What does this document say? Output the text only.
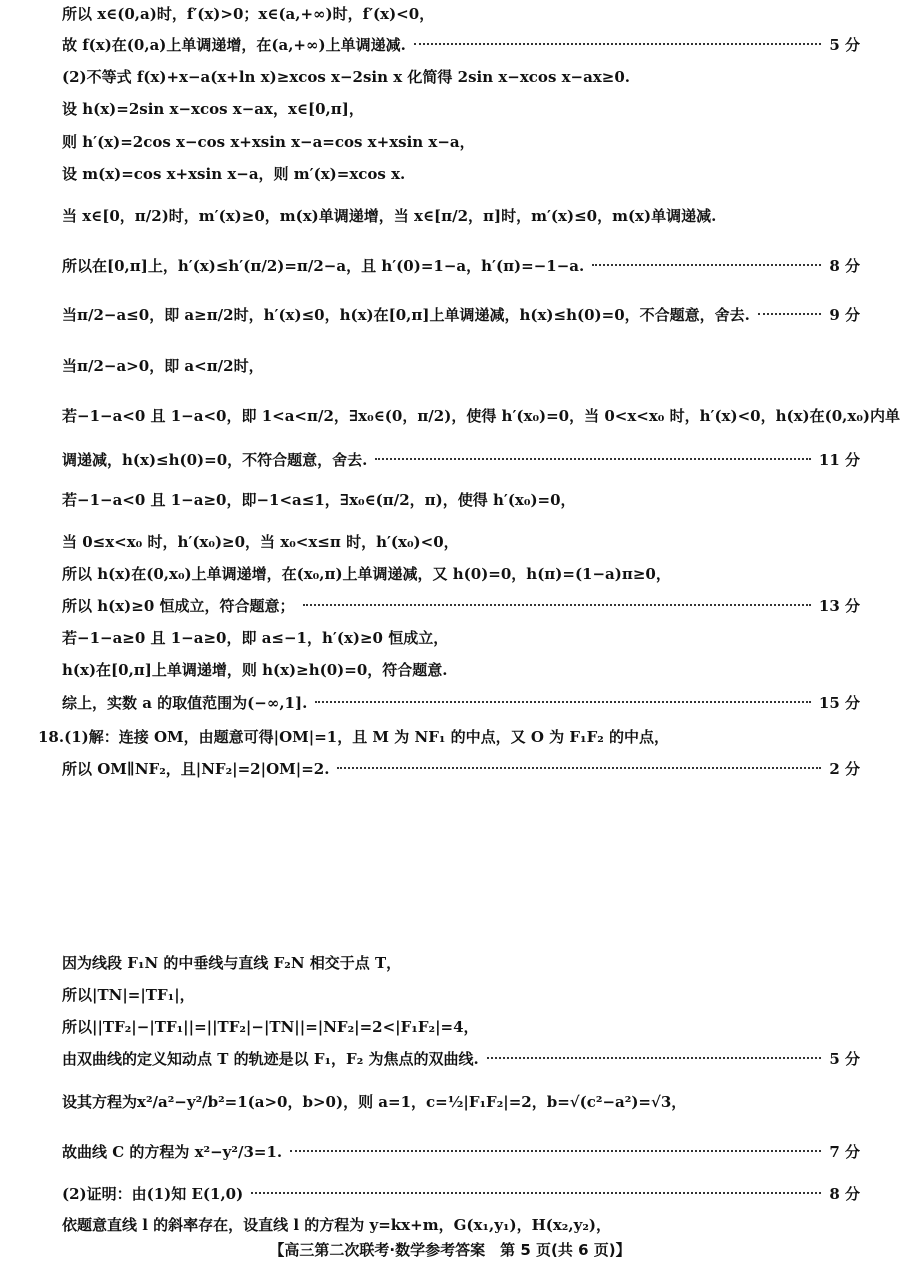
所以 x∈(0,a)时，f′(x)>0；x∈(a,+∞)时，f′(x)<0，
故 f(x)在(0,a)上单调递增，在(a,+∞)上单调递减.	5 分
(2)不等式 f(x)+x−a(x+ln x)≥xcos x−2sin x 化简得 2sin x−xcos x−ax≥0.
设 h(x)=2sin x−xcos x−ax，x∈[0,π]，
则 h′(x)=2cos x−cos x+xsin x−a=cos x+xsin x−a，
设 m(x)=cos x+xsin x−a，则 m′(x)=xcos x.
当 x∈[0，π/2)时，m′(x)≥0，m(x)单调递增，当 x∈[π/2，π]时，m′(x)≤0，m(x)单调递减.
所以在[0,π]上，h′(x)≤h′(π/2)=π/2−a，且 h′(0)=1−a，h′(π)=−1−a.	8 分
当π/2−a≤0，即 a≥π/2时，h′(x)≤0，h(x)在[0,π]上单调递减，h(x)≤h(0)=0，不合题意，舍去.	9 分
当π/2−a>0，即 a<π/2时，
若−1−a<0 且 1−a<0，即 1<a<π/2，∃x₀∈(0，π/2)，使得 h′(x₀)=0，当 0<x<x₀ 时，h′(x)<0，h(x)在(0,x₀)内单
调递减，h(x)≤h(0)=0，不符合题意，舍去.	11 分
若−1−a<0 且 1−a≥0，即−1<a≤1，∃x₀∈(π/2，π)，使得 h′(x₀)=0，
当 0≤x<x₀ 时，h′(x₀)≥0，当 x₀<x≤π 时，h′(x₀)<0，
所以 h(x)在(0,x₀)上单调递增，在(x₀,π)上单调递减，又 h(0)=0，h(π)=(1−a)π≥0，
所以 h(x)≥0 恒成立，符合题意；	13 分
若−1−a≥0 且 1−a≥0，即 a≤−1，h′(x)≥0 恒成立，
h(x)在[0,π]上单调递增，则 h(x)≥h(0)=0，符合题意.
综上，实数 a 的取值范围为(−∞,1].	15 分
18.(1)解：连接 OM，由题意可得|OM|=1，且 M 为 NF₁ 的中点，又 O 为 F₁F₂ 的中点，
所以 OM∥NF₂，且|NF₂|=2|OM|=2.	2 分
因为线段 F₁N 的中垂线与直线 F₂N 相交于点 T，
所以|TN|=|TF₁|，
所以||TF₂|−|TF₁||=||TF₂|−|TN||=|NF₂|=2<|F₁F₂|=4，
由双曲线的定义知动点 T 的轨迹是以 F₁，F₂ 为焦点的双曲线.	5 分
设其方程为x²/a²−y²/b²=1(a>0，b>0)，则 a=1，c=½|F₁F₂|=2，b=√(c²−a²)=√3，
故曲线 C 的方程为 x²−y²/3=1.	7 分
(2)证明：由(1)知 E(1,0)	8 分
依题意直线 l 的斜率存在，设直线 l 的方程为 y=kx+m，G(x₁,y₁)，H(x₂,y₂)，
【高三第二次联考·数学参考答案　第 5 页(共 6 页)】
